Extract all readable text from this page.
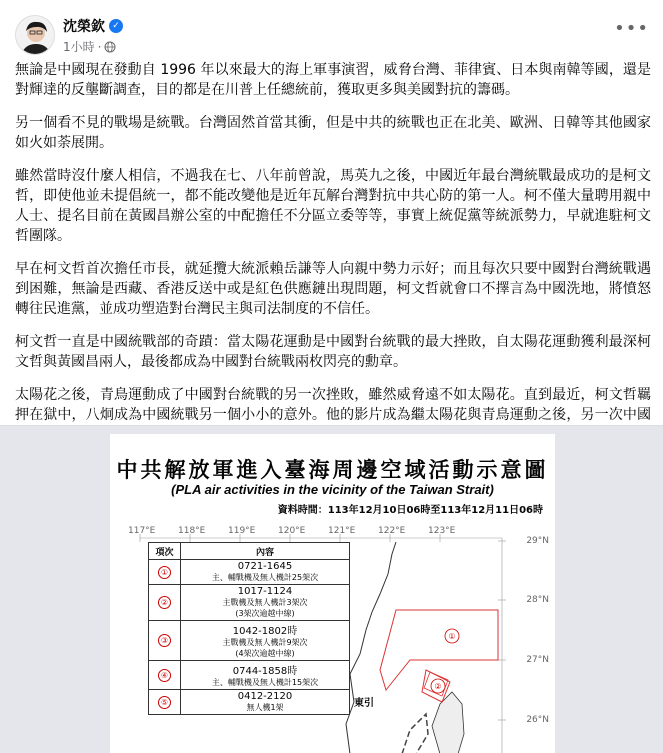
沈榮欽 ✓
1小時 ·
•••

無論是中國現在發動自 1996 年以來最大的海上軍事演習，威脅台灣、菲律賓、日本與南韓等國，還是對輝達的反壟斷調查，目的都是在川普上任總統前，獲取更多與美國對抗的籌碼。

另一個看不見的戰場是統戰。台灣固然首當其衝，但是中共的統戰也正在北美、歐洲、日韓等其他國家如火如荼展開。

雖然當時沒什麼人相信，不過我在七、八年前曾說，馬英九之後，中國近年最台灣統戰最成功的是柯文哲，即使他並未提倡統一，都不能改變他是近年瓦解台灣對抗中共心防的第一人。柯不僅大量聘用親中人士、提名目前在黃國昌辦公室的中配擔任不分區立委等等，事實上統促黨等統派勢力，早就進駐柯文哲團隊。

早在柯文哲首次擔任市長，就延攬大統派賴岳謙等人向親中勢力示好；而且每次只要中國對台灣統戰遇到困難，無論是西藏、香港反送中或是紅色供應鏈出現問題，柯文哲就會口不擇言為中國洗地，將憤怒轉往民進黨，並成功塑造對台灣民主與司法制度的不信任。

柯文哲一直是中國統戰部的奇蹟：當太陽花運動是中國對台統戰的最大挫敗，自太陽花運動獲利最深柯文哲與黃國昌兩人，最後都成為中國對台統戰兩枚閃亮的勳章。

太陽花之後，青鳥運動成了中國對台統戰的另一次挫敗，雖然威脅遠不如太陽花。直到最近，柯文哲羈押在獄中，八炯成為中國統戰另一個小小的意外。他的影片成為繼太陽花與青鳥運動之後，另一次中國

①
②
中共解放軍進入臺海周邊空域活動示意圖
(PLA air activities in the vicinity of the Taiwan Strait)
資料時間：113年12月10日06時至113年12月11日06時
117°E	118°E	119°E	120°E	121°E	122°E	123°E
29°N
28°N
27°N
26°N
項次	內容
①	0721-1645
主、輔戰機及無人機計25架次

②	1017-1124
主戰機及無人機計3架次
(3架次逾越中線)

③	1042-1802時
主戰機及無人機計9架次
(4架次逾越中線)

④	0744-1858時
主、輔戰機及無人機計15架次

⑤	0412-2120
無人機1架	東引
